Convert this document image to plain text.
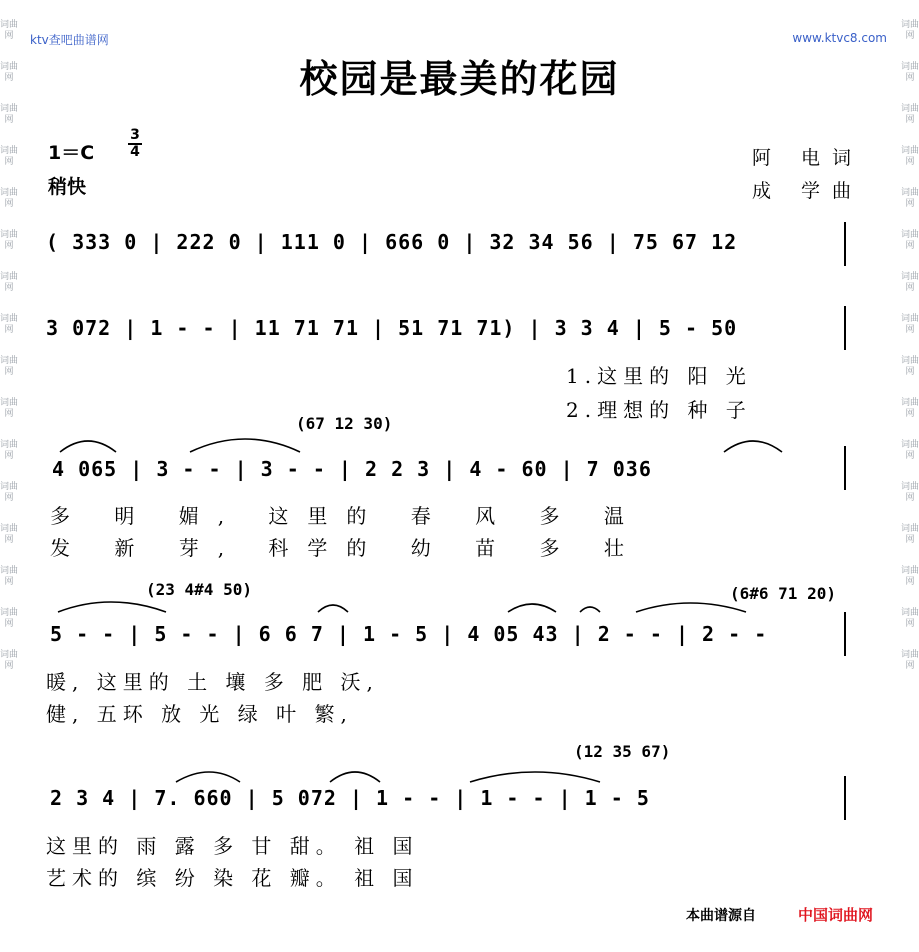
词曲网
词曲网
词曲网
词曲网
词曲网
词曲网
词曲网
词曲网
词曲网
词曲网
词曲网
词曲网
词曲网
词曲网
词曲网
词曲网
词曲网
词曲网
词曲网
词曲网
词曲网
词曲网
词曲网
词曲网
词曲网
词曲网
词曲网
词曲网
词曲网
词曲网
词曲网
词曲网
ktv查吧曲谱网	www.ktvc8.com
校园是最美的花园
1＝C
3
4
稍快
阿 电词
成 学曲
( 333 0 | 222 0 | 111 0 | 666 0 | 32 34 56 | 75 67 12
3 072 | 1 - - | 11 71 71 | 51 71 71) | 3 3 4 | 5 - 50
1.这里的 阳 光
2.理想的 种 子
(67 12 30)
4 065 | 3 - - | 3 - - | 2 2 3 | 4 - 60 | 7 036
多 明 媚, 这里的 春 风 多 温
发 新 芽, 科学的 幼 苗 多 壮
(23 4#4 50)	(6#6 71 20)
5 - - | 5 - - | 6 6 7 | 1 - 5 | 4 05 43 | 2 - - | 2 - -
暖, 这里的 土 壤 多 肥 沃,
健, 五环 放 光 绿 叶 繁,
(12 35 67)
2 3 4 | 7. 660 | 5 072 | 1 - - | 1 - - | 1 - 5
这里的 雨 露 多 甘 甜。 祖 国
艺术的 缤 纷 染 花 瓣。 祖 国
本曲谱源自	中国词曲网
